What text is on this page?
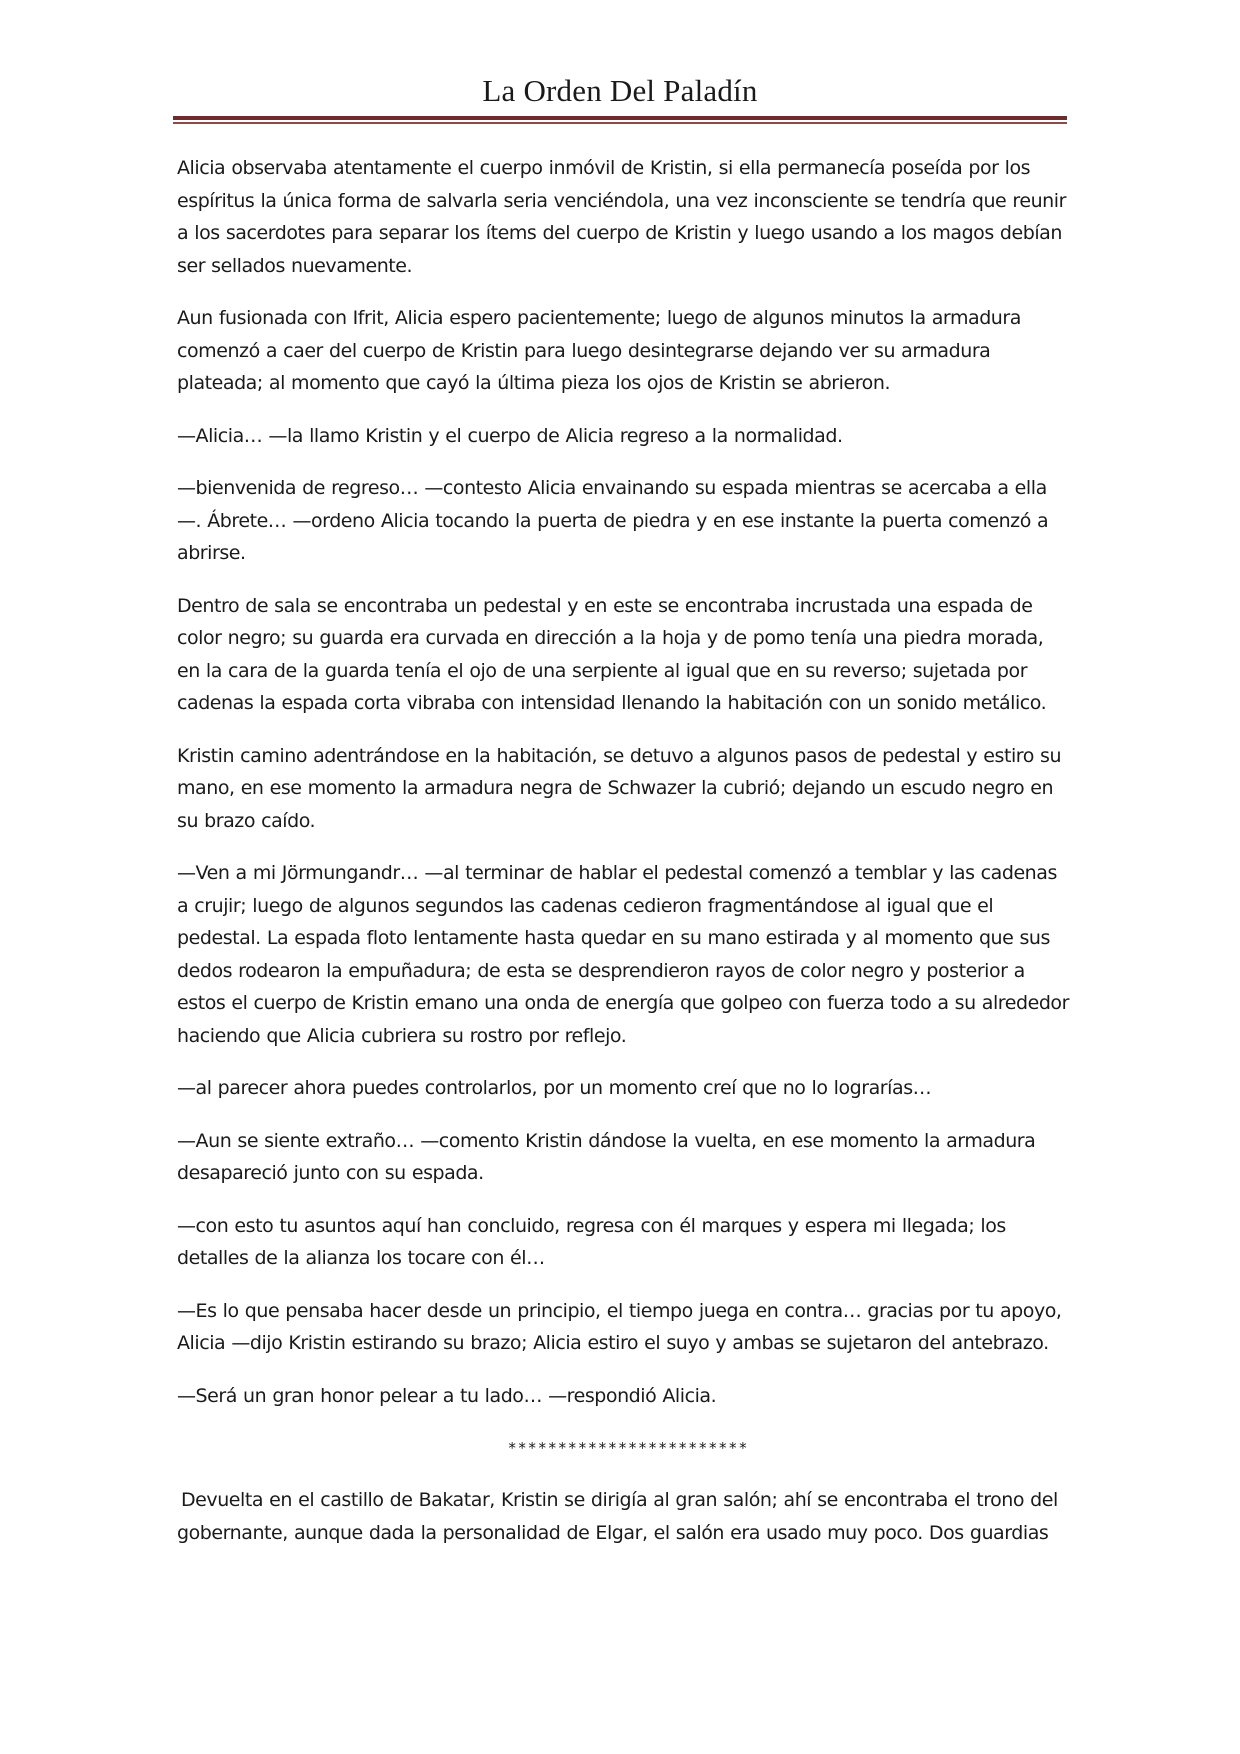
La Orden Del Paladín

Alicia observaba atentamente el cuerpo inmóvil de Kristin, si ella permanecía poseída por los espíritus la única forma de salvarla seria venciéndola, una vez inconsciente se tendría que reunir a los sacerdotes para separar los ítems del cuerpo de Kristin y luego usando a los magos debían ser sellados nuevamente.

Aun fusionada con Ifrit, Alicia espero pacientemente; luego de algunos minutos la armadura comenzó a caer del cuerpo de Kristin para luego desintegrarse dejando ver su armadura plateada; al momento que cayó la última pieza los ojos de Kristin se abrieron.

—Alicia… —la llamo Kristin y el cuerpo de Alicia regreso a la normalidad.

—bienvenida de regreso… —contesto Alicia envainando su espada mientras se acercaba a ella—. Ábrete… —ordeno Alicia tocando la puerta de piedra y en ese instante la puerta comenzó a abrirse.

Dentro de sala se encontraba un pedestal y en este se encontraba incrustada una espada de color negro; su guarda era curvada en dirección a la hoja y de pomo tenía una piedra morada, en la cara de la guarda tenía el ojo de una serpiente al igual que en su reverso; sujetada por cadenas la espada corta vibraba con intensidad llenando la habitación con un sonido metálico.

Kristin camino adentrándose en la habitación, se detuvo a algunos pasos de pedestal y estiro su mano, en ese momento la armadura negra de Schwazer la cubrió; dejando un escudo negro en su brazo caído.

—Ven a mi Jörmungandr… —al terminar de hablar el pedestal comenzó a temblar y las cadenas a crujir; luego de algunos segundos las cadenas cedieron fragmentándose al igual que el pedestal. La espada floto lentamente hasta quedar en su mano estirada y al momento que sus dedos rodearon la empuñadura; de esta se desprendieron rayos de color negro y posterior a estos el cuerpo de Kristin emano una onda de energía que golpeo con fuerza todo a su alrededor haciendo que Alicia cubriera su rostro por reflejo.

—al parecer ahora puedes controlarlos, por un momento creí que no lo lograrías…

—Aun se siente extraño… —comento Kristin dándose la vuelta, en ese momento la armadura desapareció junto con su espada.

—con esto tu asuntos aquí han concluido, regresa con él marques y espera mi llegada; los detalles de la alianza los tocare con él…

—Es lo que pensaba hacer desde un principio, el tiempo juega en contra… gracias por tu apoyo, Alicia —dijo Kristin estirando su brazo; Alicia estiro el suyo y ambas se sujetaron del antebrazo.

—Será un gran honor pelear a tu lado… —respondió Alicia.

************************

Devuelta en el castillo de Bakatar, Kristin se dirigía al gran salón; ahí se encontraba el trono del gobernante, aunque dada la personalidad de Elgar, el salón era usado muy poco. Dos guardias
